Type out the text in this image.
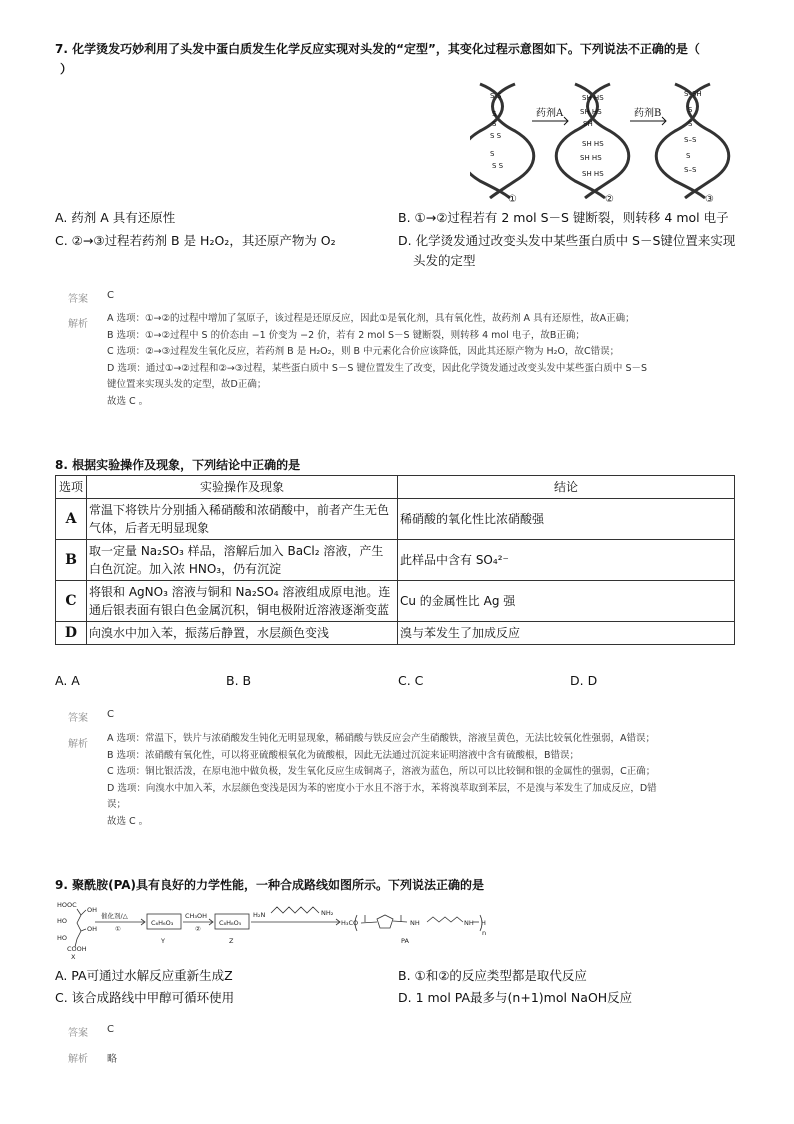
7. 化学烫发巧妙利用了头发中蛋白质发生化学反应实现对头发的“定型”，其变化过程示意图如下。下列说法不正确的是（
）
S-S
S
S
S S
S
S S
SH HS
SH HS
SH
SH HS
SH HS
SH HS
S–SH
S
S
S–S
S
S–S
药剂A	药剂B
①	②	③
A. 药剂 A 具有还原性	B. ①→②过程若有 2 mol S－S 键断裂，则转移 4 mol 电子
C. ②→③过程若药剂 B 是 H₂O₂，其还原产物为 O₂	D. 化学烫发通过改变头发中某些蛋白质中 S－S键位置来实现
头发的定型
答案 C
解析
A 选项：①→②的过程中增加了氢原子，该过程是还原反应，因此①是氧化剂，具有氧化性，故药剂 A 具有还原性，故A正确；
B 选项：①→②过程中 S 的价态由 −1 价变为 −2 价，若有 2 mol S－S 键断裂，则转移 4 mol 电子，故B正确；
C 选项：②→③过程发生氧化反应，若药剂 B 是 H₂O₂，则 B 中元素化合价应该降低，因此其还原产物为 H₂O，故C错误；
D 选项：通过①→②过程和②→③过程，某些蛋白质中 S－S 键位置发生了改变，因此化学烫发通过改变头发中某些蛋白质中 S－S
键位置来实现头发的定型，故D正确；
故选 C 。
8. 根据实验操作及现象，下列结论中正确的是
选项	实验操作及现象	结论
A	常温下将铁片分别插入稀硝酸和浓硝酸中，前者产生无色气体，后者无明显现象	稀硝酸的氧化性比浓硝酸强
B	取一定量 Na₂SO₃ 样品，溶解后加入 BaCl₂ 溶液，产生白色沉淀。加入浓 HNO₃，仍有沉淀	此样品中含有 SO₄²⁻
C	将银和 AgNO₃ 溶液与铜和 Na₂SO₄ 溶液组成原电池。连通后银表面有银白色金属沉积，铜电极附近溶液逐渐变蓝	Cu 的金属性比 Ag 强
D	向溴水中加入苯，振荡后静置，水层颜色变浅	溴与苯发生了加成反应
A. A	B. B	C. C	D. D
答案 C
解析
A 选项：常温下，铁片与浓硝酸发生钝化无明显现象，稀硝酸与铁反应会产生硝酸铁，溶液呈黄色，无法比较氧化性强弱，A错误；
B 选项：浓硝酸有氧化性，可以将亚硫酸根氧化为硫酸根，因此无法通过沉淀来证明溶液中含有硫酸根，B错误；
C 选项：铜比银活泼，在原电池中做负极，发生氧化反应生成铜离子，溶液为蓝色，所以可以比较铜和银的金属性的强弱，C正确；
D 选项：向溴水中加入苯，水层颜色变浅是因为苯的密度小于水且不溶于水，苯将溴萃取到苯层，不是溴与苯发生了加成反应，D错
误；
故选 C 。
9. 聚酰胺(PA)具有良好的力学性能，一种合成路线如图所示。下列说法正确的是
HOOC
OH
HO
OH
HO
COOH
X
催化剂/△
①
C₆H₆O₃
Y
CH₃OH
②
C₈H₈O₅
Z
H₂N	NH₂
H₃CO	NH	NH H
n
PA
A. PA可通过水解反应重新生成Z	B. ①和②的反应类型都是取代反应
C. 该合成路线中甲醇可循环使用	D. 1 mol PA最多与(n+1)mol NaOH反应
答案 C
解析 略
